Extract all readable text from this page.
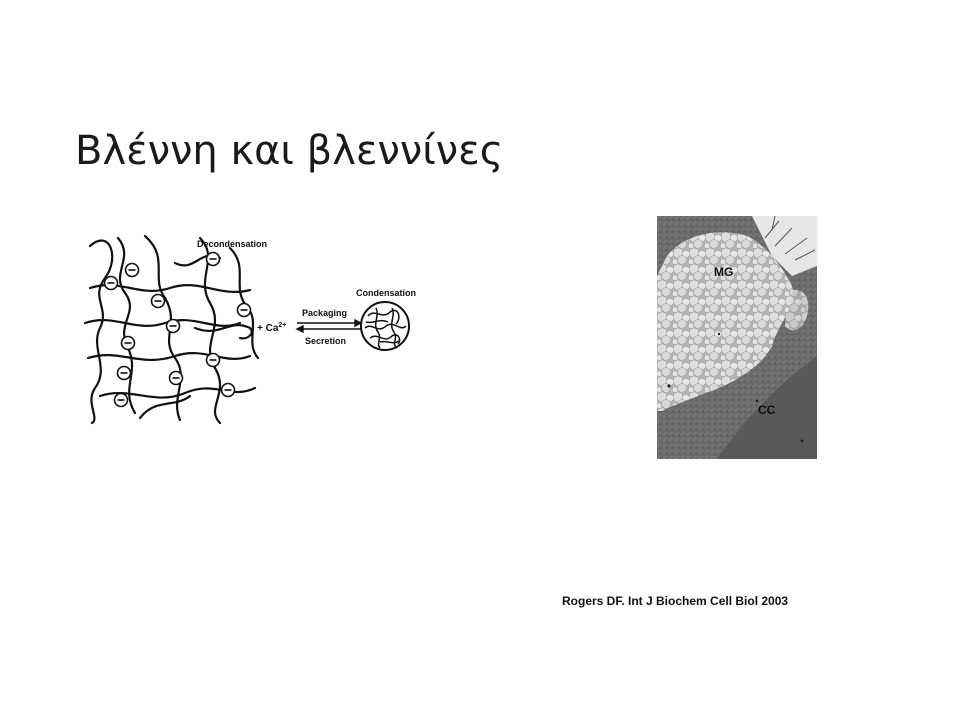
Βλέννη και βλεννίνες
Decondensation
+ $Ca^{2+}$
Packaging
Secretion
Condensation
MG
CC
Rogers DF. Int J Biochem Cell Biol 2003
